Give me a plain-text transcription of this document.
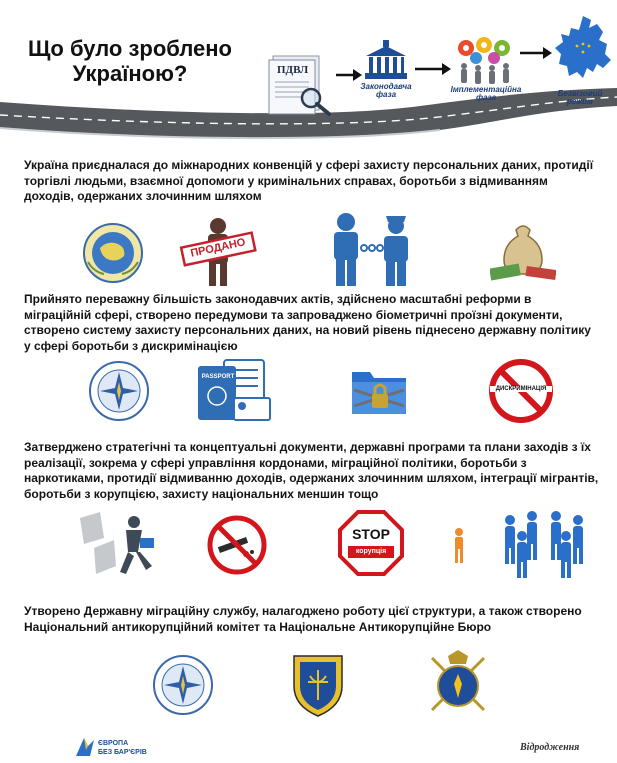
Що було зроблено
Україною?	ПДВЛ
Законодавча
фаза
Імплементаційна
фаза	Безвізовий
режим
Україна приєдналася до міжнародних конвенцій у сфері захисту персональних даних, протидії торгівлі людьми, взаємної допомоги у кримінальних справах, боротьби з відмиванням доходів, одержаних злочинним шляхом
ПРОДАНО
Прийнято переважну більшість законодавчих актів, здійснено масштабні реформи в міграційній сфері, створено передумови та запроваджено біометричні проїзні документи, створено систему захисту персональних даних, на новий рівень піднесено державну політику у сфері боротьби з дискримінацією
PASSPORT
ДИСКРИМІНАЦІЯ
Затверджено стратегічні та концептуальні документи, державні програми та плани заходів з їх реалізації, зокрема у сфері управління кордонами, міграційної політики, боротьби з наркотиками, протидії відмиванню доходів, одержаних злочинним шляхом, інтеграції мігрантів, боротьби з корупцією, захисту національних меншин тощо
STOP
корупція
Утворено Державну міграційну службу, налагоджено роботу цієї структури, а також створено Національний антикорупційний комітет та Національне Антикорупційне Бюро
ЄВРОПА
БЕЗ БАР'ЄРІВ	Відродження
